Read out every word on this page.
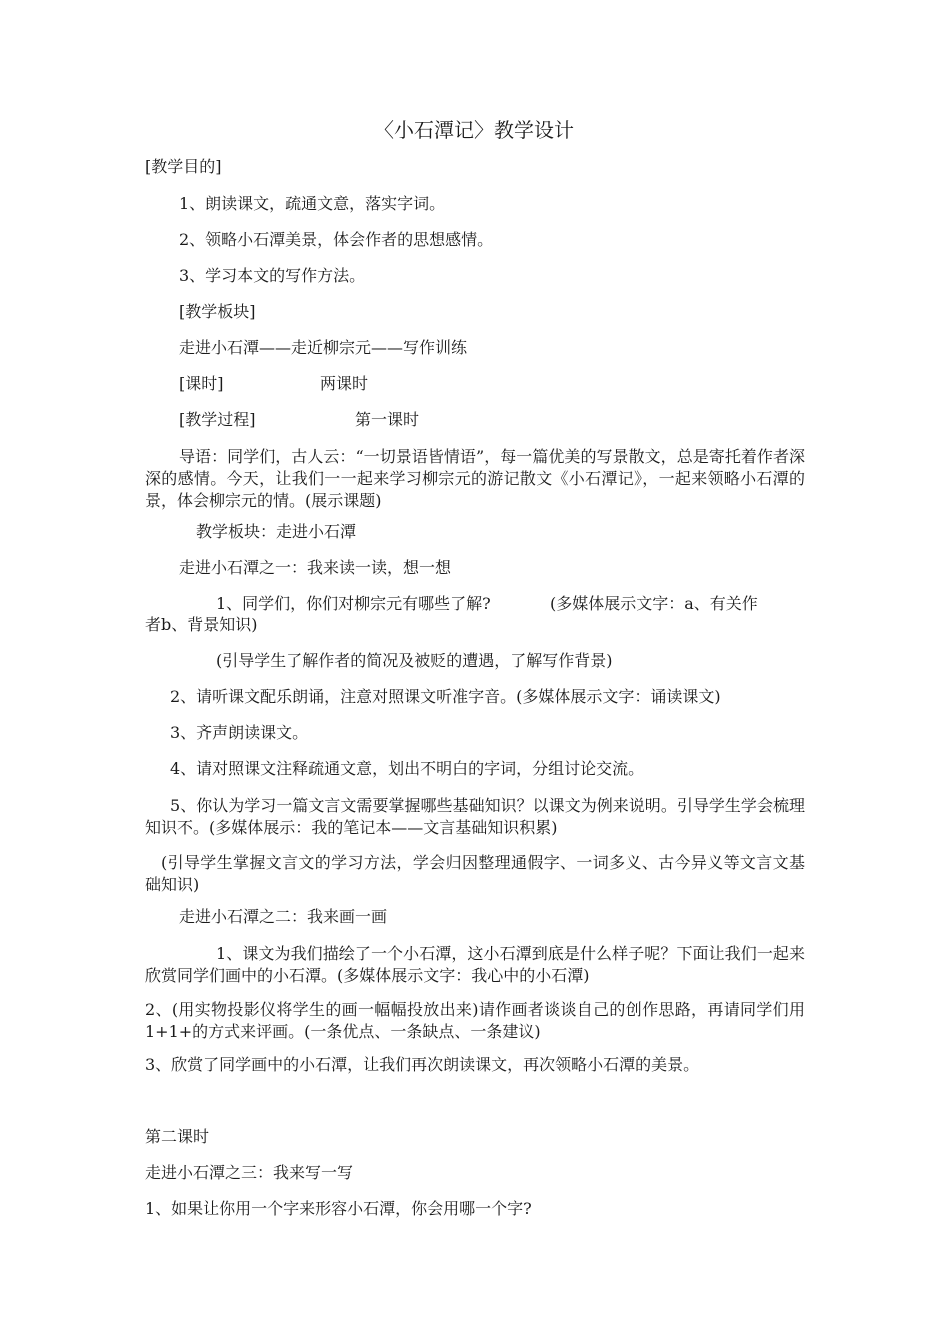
〈小石潭记〉教学设计
[教学目的]
1、朗读课文，疏通文意，落实字词。
2、领略小石潭美景，体会作者的思想感情。
3、学习本文的写作方法。
[教学板块]
走进小石潭——走近柳宗元——写作训练
[课时]	两课时
[教学过程]	第一课时
导语：同学们，古人云：“一切景语皆情语”，每一篇优美的写景散文，总是寄托着作者深深的感情。今天，让我们一一起来学习柳宗元的游记散文《小石潭记》，一起来领略小石潭的景，体会柳宗元的情。(展示课题)
教学板块：走进小石潭
走进小石潭之一：我来读一读，想一想
1、同学们，你们对柳宗元有哪些了解?	(多媒体展示文字：a、有关作
者b、背景知识)
(引导学生了解作者的简况及被贬的遭遇，了解写作背景)
2、请听课文配乐朗诵，注意对照课文听准字音。(多媒体展示文字：诵读课文)
3、齐声朗读课文。
4、请对照课文注释疏通文意，划出不明白的字词，分组讨论交流。
5、你认为学习一篇文言文需要掌握哪些基础知识？以课文为例来说明。引导学生学会梳理知识不。(多媒体展示：我的笔记本——文言基础知识积累)
(引导学生掌握文言文的学习方法，学会归因整理通假字、一词多义、古今异义等文言文基础知识)
走进小石潭之二：我来画一画
1、课文为我们描绘了一个小石潭，这小石潭到底是什么样子呢？下面让我们一起来欣赏同学们画中的小石潭。(多媒体展示文字：我心中的小石潭)
2、(用实物投影仪将学生的画一幅幅投放出来)请作画者谈谈自己的创作思路，再请同学们用1+1+的方式来评画。(一条优点、一条缺点、一条建议)
3、欣赏了同学画中的小石潭，让我们再次朗读课文，再次领略小石潭的美景。
第二课时
走进小石潭之三：我来写一写
1、如果让你用一个字来形容小石潭，你会用哪一个字?
